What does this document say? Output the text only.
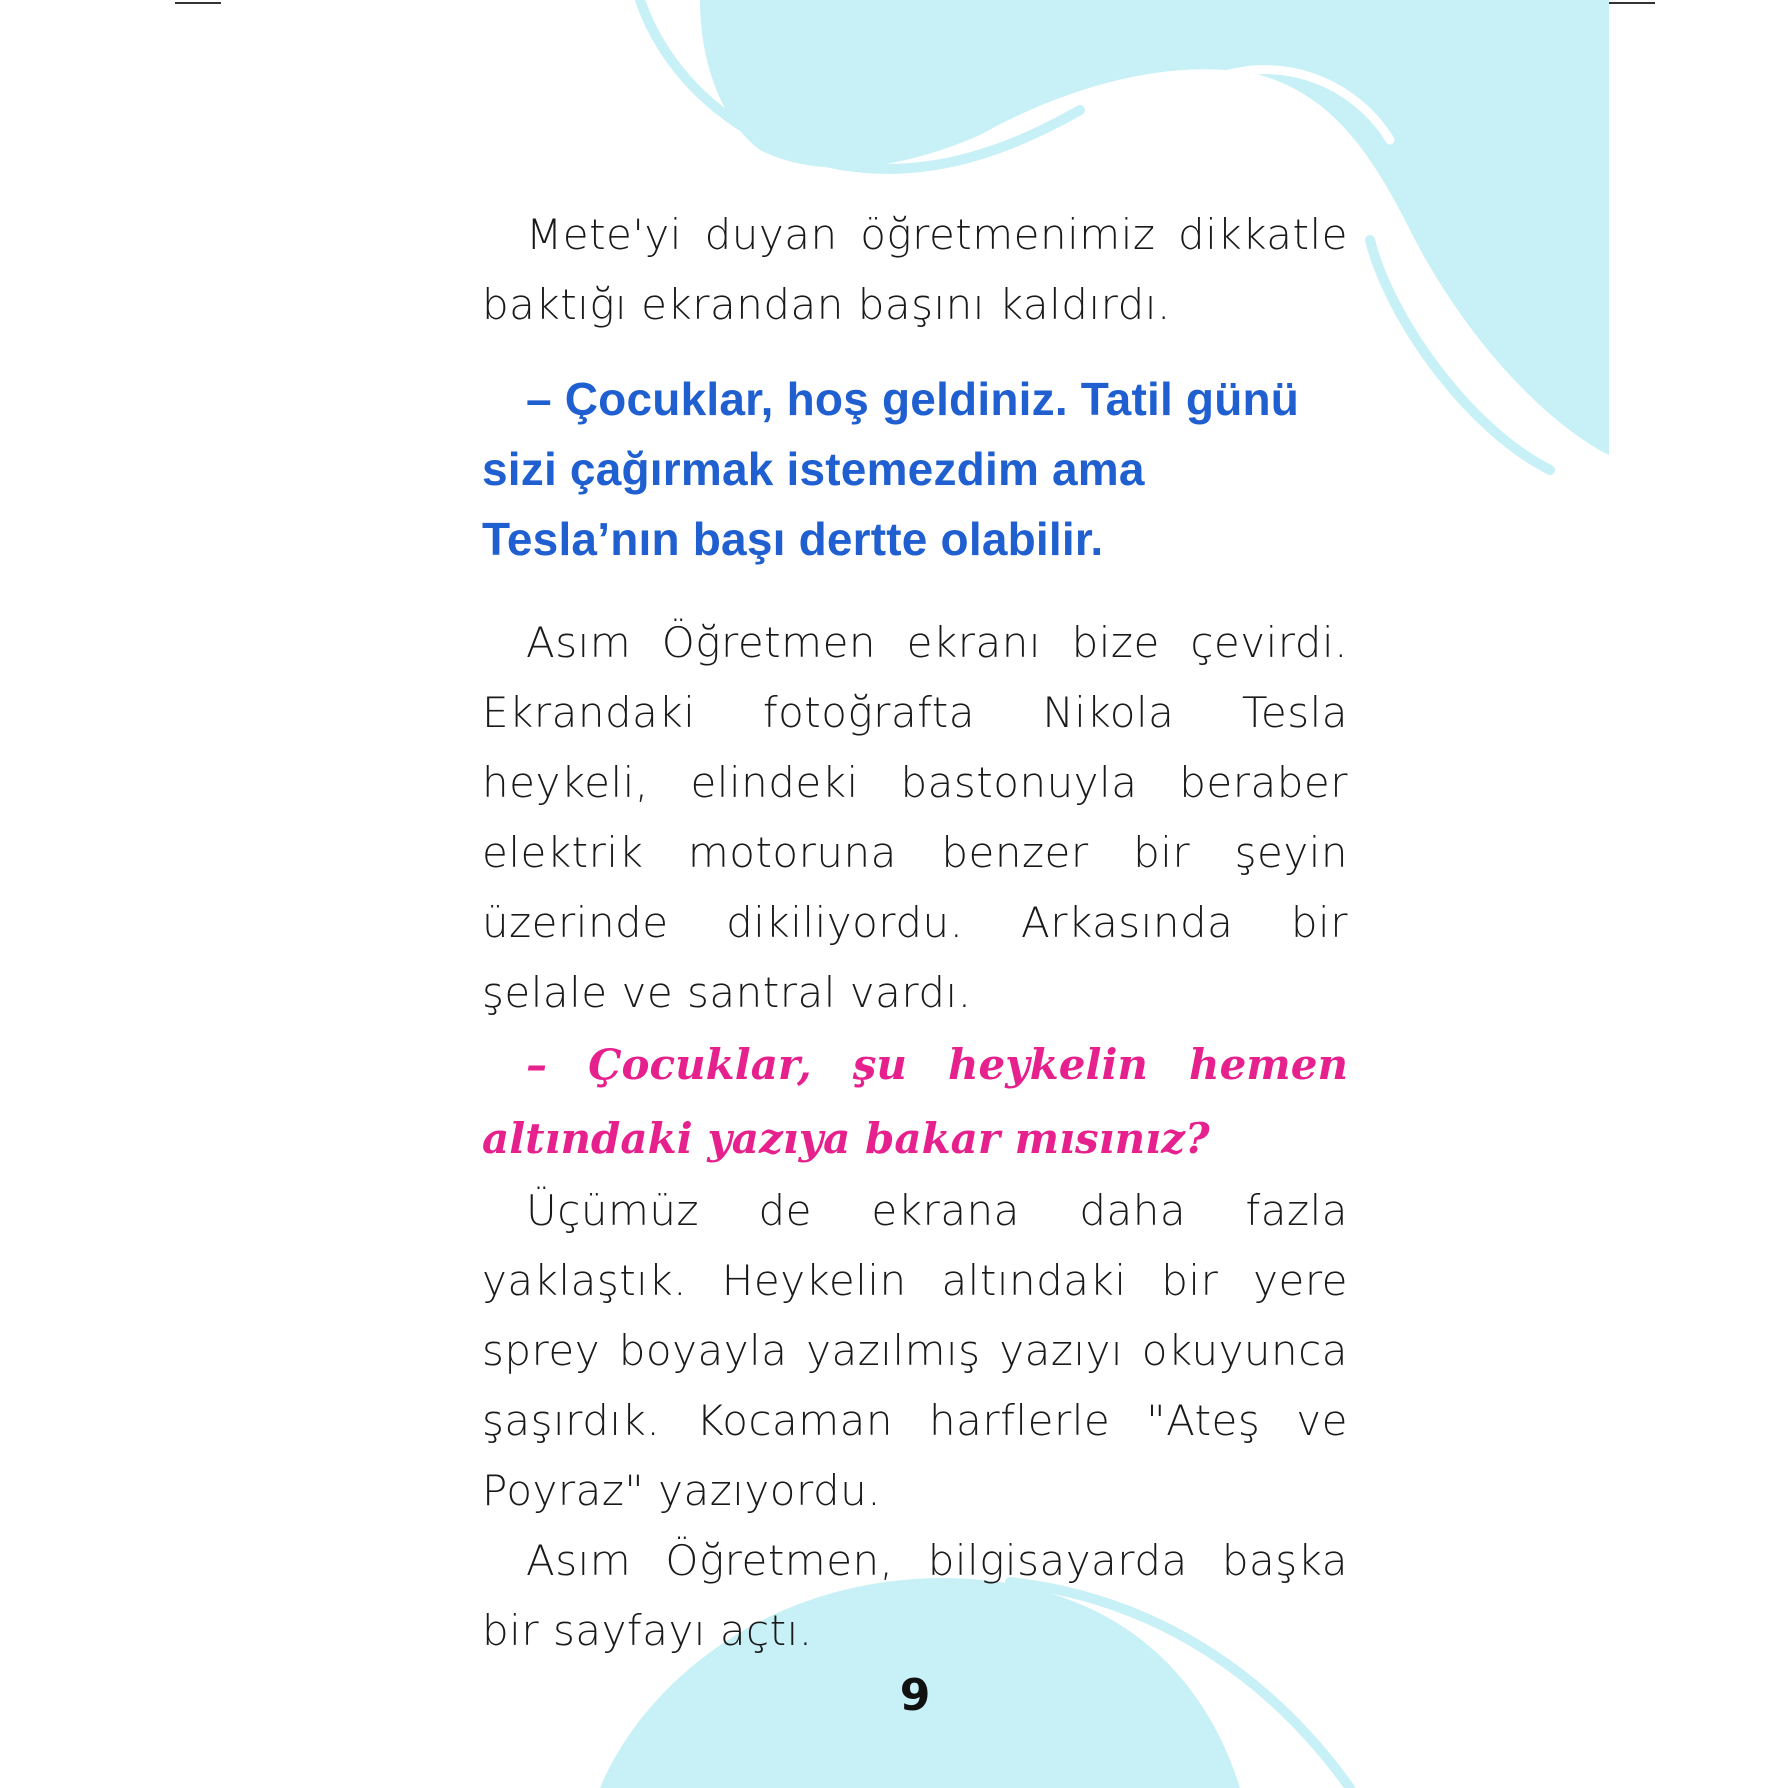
Mete'yi duyan öğretmenimiz dikkatle baktığı ekrandan başını kaldırdı.

– Çocuklar, hoş geldiniz. Tatil günü sizi çağırmak istemezdim ama Tesla’nın başı dertte olabilir.

Asım Öğretmen ekranı bize çevirdi. Ekrandaki fotoğrafta Nikola Tesla heykeli, elindeki bastonuyla beraber elektrik motoruna benzer bir şeyin üzerinde dikiliyordu. Arkasında bir şelale ve santral vardı.

– Çocuklar, şu heykelin hemen altındaki yazıya bakar mısınız?

Üçümüz de ekrana daha fazla yaklaştık. Heykelin altındaki bir yere sprey boyayla yazılmış yazıyı okuyunca şaşırdık. Kocaman harflerle "Ateş ve Poyraz" yazıyordu.

Asım Öğretmen, bilgisayarda başka bir sayfayı açtı.

9
